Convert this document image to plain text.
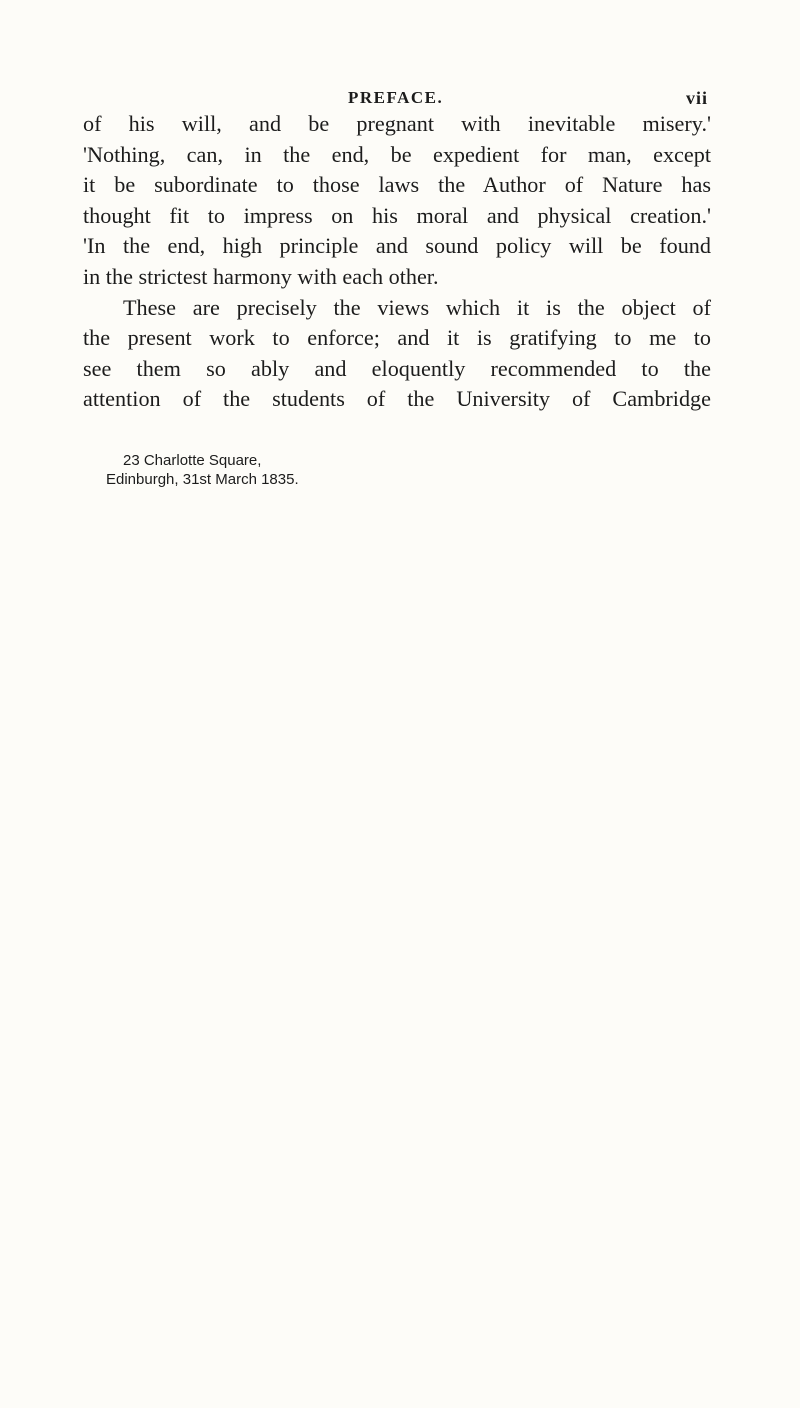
PREFACE.	vii
of his will, and be pregnant with inevitable misery.'
'Nothing, can, in the end, be expedient for man, except
it be subordinate to those laws the Author of Nature has
thought fit to impress on his moral and physical creation.'
'In the end, high principle and sound policy will be found
in the strictest harmony with each other.
These are precisely the views which it is the object of
the present work to enforce; and it is gratifying to me to
see them so ably and eloquently recommended to the
attention of the students of the University of Cambridge
23 Charlotte Square,
Edinburgh, 31st March 1835.
